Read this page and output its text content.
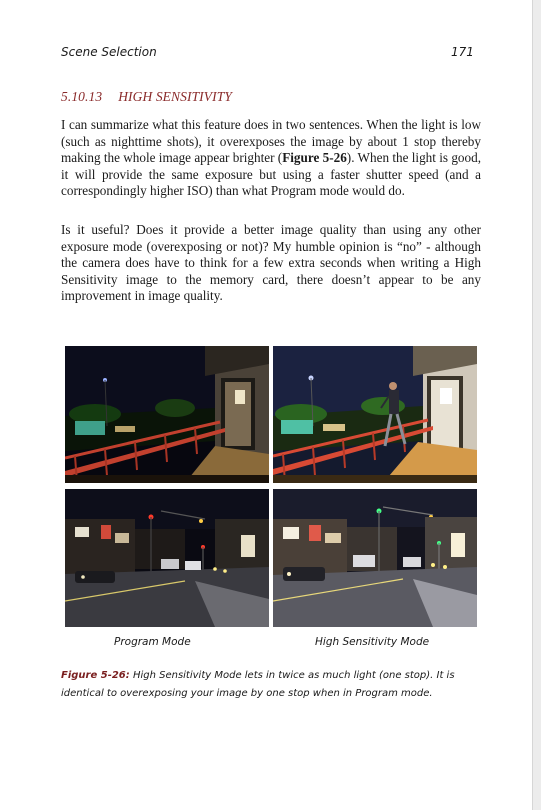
Scene Selection	171
5.10.13 HIGH SENSITIVITY

I can summarize what this feature does in two sentences. When the light is low (such as nighttime shots), it overexposes the image by about 1 stop thereby making the whole image appear brighter (Figure 5-26). When the light is good, it will provide the same exposure but using a faster shutter speed (and a correspondingly higher ISO) than what Program mode would do.

Is it useful? Does it provide a better image quality than using any other exposure mode (overexposing or not)? My humble opinion is “no” - although the camera does have to think for a few extra seconds when writing a High Sensitivity image to the memory card, there doesn’t appear to be any improvement in image quality.

Program Mode	High Sensitivity Mode

Figure 5-26: High Sensitivity Mode lets in twice as much light (one stop). It is identical to overexposing your image by one stop when in Program mode.
